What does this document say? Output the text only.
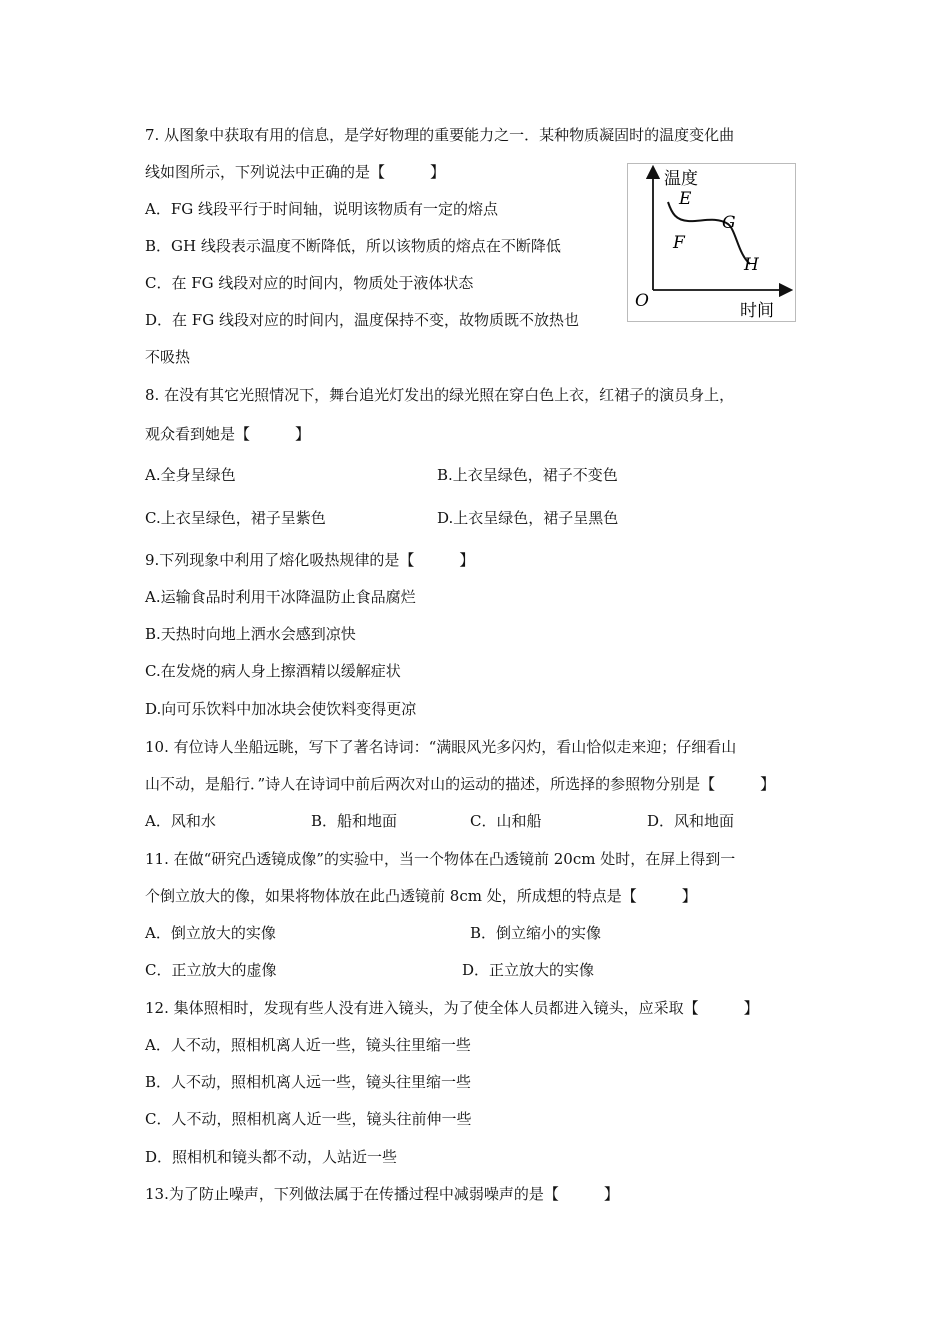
7. 从图象中获取有用的信息，是学好物理的重要能力之一．某种物质凝固时的温度变化曲
线如图所示，下列说法中正确的是【　　　】
A．FG 线段平行于时间轴，说明该物质有一定的熔点
B．GH 线段表示温度不断降低，所以该物质的熔点在不断降低
C．在 FG 线段对应的时间内，物质处于液体状态
D．在 FG 线段对应的时间内，温度保持不变，故物质既不放热也
不吸热
温度
时间
O
E
F
G
H
8. 在没有其它光照情况下，舞台追光灯发出的绿光照在穿白色上衣，红裙子的演员身上，
观众看到她是【　　　】
A.全身呈绿色	B.上衣呈绿色，裙子不变色
C.上衣呈绿色，裙子呈紫色	D.上衣呈绿色，裙子呈黑色
9.下列现象中利用了熔化吸热规律的是【　　　】
A.运输食品时利用干冰降温防止食品腐烂
B.天热时向地上洒水会感到凉快
C.在发烧的病人身上擦酒精以缓解症状
D.向可乐饮料中加冰块会使饮料变得更凉
10. 有位诗人坐船远眺，写下了著名诗词：“满眼风光多闪灼，看山恰似走来迎；仔细看山
山不动，是船行．”诗人在诗词中前后两次对山的运动的描述，所选择的参照物分别是【　　　】
A．风和水	B．船和地面	C．山和船	D．风和地面
11. 在做“研究凸透镜成像”的实验中，当一个物体在凸透镜前 20cm 处时，在屏上得到一
个倒立放大的像，如果将物体放在此凸透镜前 8cm 处，所成想的特点是【　　　】
A．倒立放大的实像	B．倒立缩小的实像
C．正立放大的虚像	D．正立放大的实像
12. 集体照相时，发现有些人没有进入镜头，为了使全体人员都进入镜头，应采取【　　　】
A．人不动，照相机离人近一些，镜头往里缩一些
B．人不动，照相机离人远一些，镜头往里缩一些
C．人不动，照相机离人近一些，镜头往前伸一些
D．照相机和镜头都不动，人站近一些
13.为了防止噪声，下列做法属于在传播过程中减弱噪声的是【　　　】
